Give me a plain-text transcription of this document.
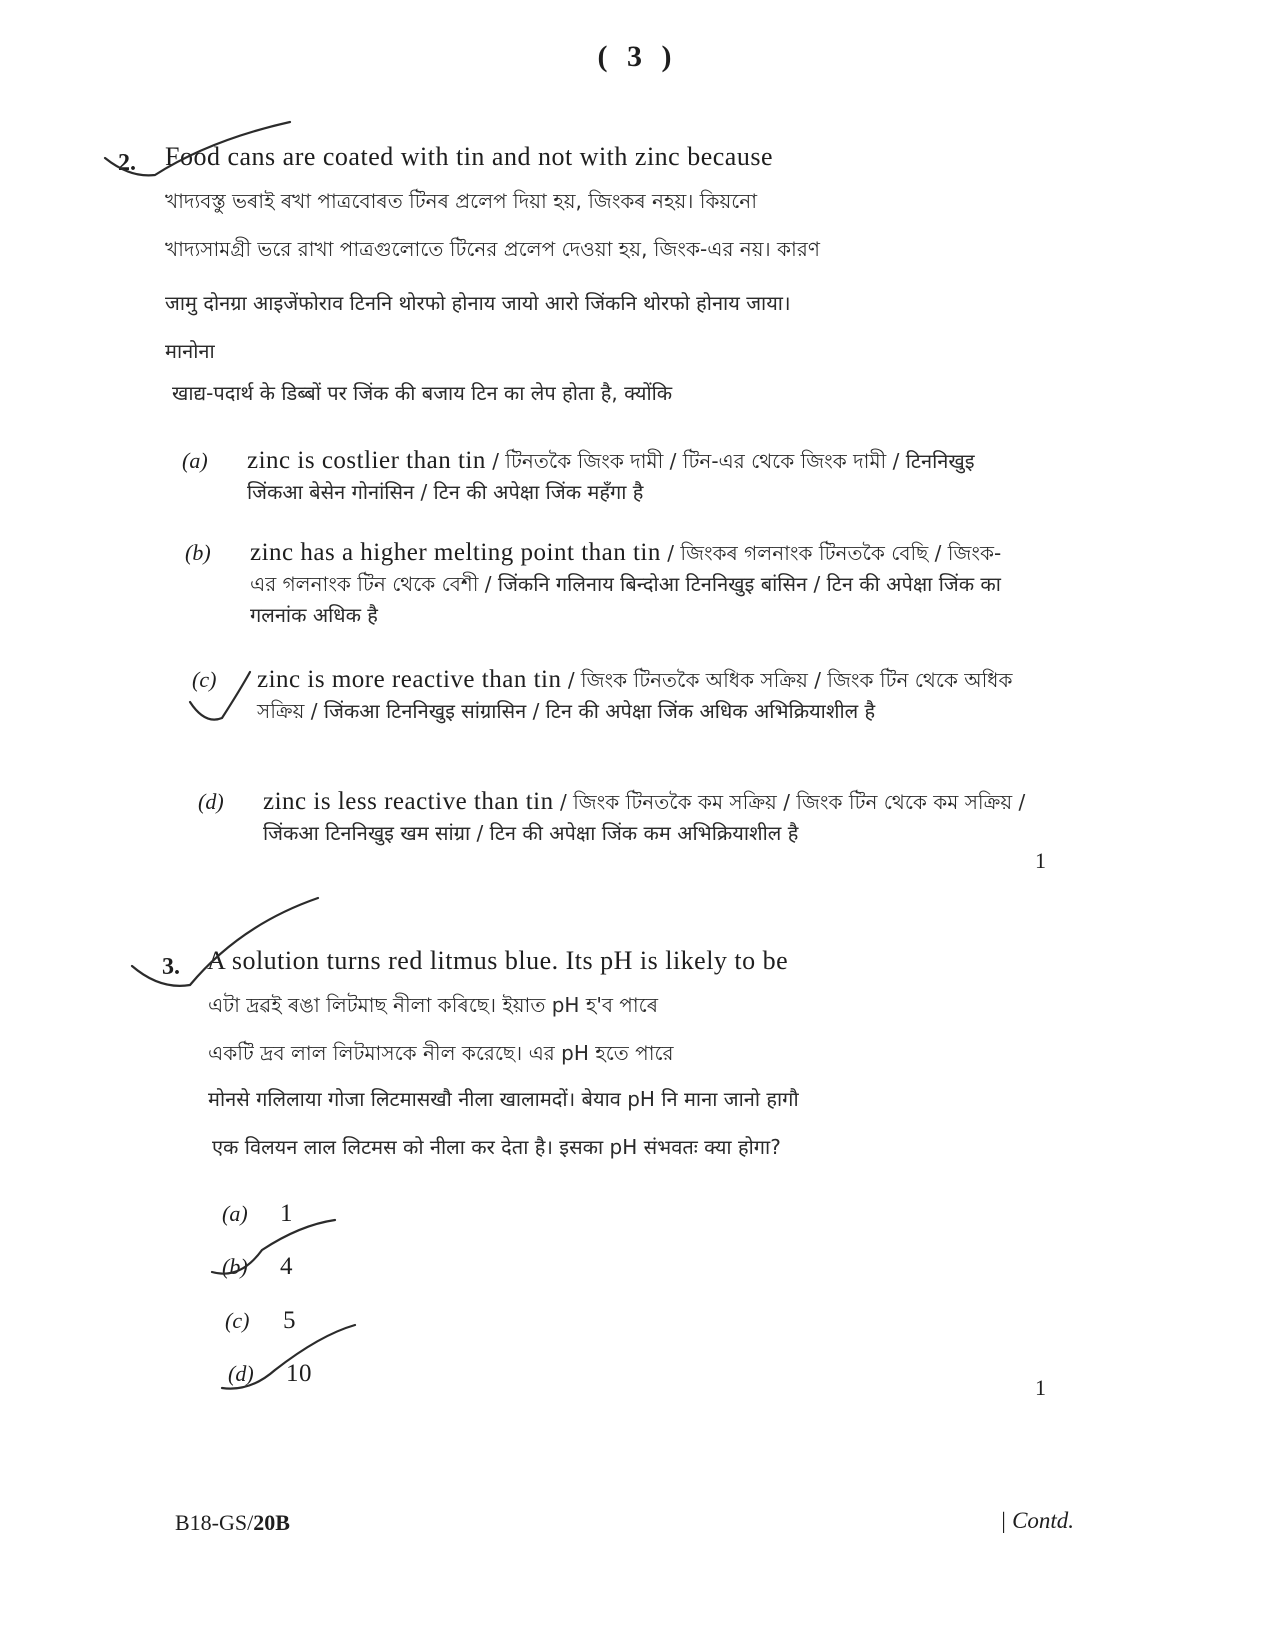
( 3 )
2. Food cans are coated with tin and not with zinc because
খাদ্যবস্তু ভৰাই ৰখা পাত্ৰবোৰত টিনৰ প্ৰলেপ দিয়া হয়, জিংকৰ নহয়। কিয়নো
খাদ্যসামগ্রী ভরে রাখা পাত্রগুলোতে টিনের প্রলেপ দেওয়া হয়, জিংক-এর নয়। কারণ
जामु दोनग्रा आइजेंफोराव टिननि थोरफो होनाय जायो आरो जिंकनि थोरफो होनाय जाया।
मानोना
खाद्य-पदार्थ के डिब्बों पर जिंक की बजाय टिन का लेप होता है, क्योंकि
(a)	zinc is costlier than tin / টিনতকৈ জিংক দামী / টিন-এর থেকে জিংক দামী / टिननिखुइ जिंकआ बेसेन गोनांसिन / टिन की अपेक्षा जिंक महँगा है
(b)	zinc has a higher melting point than tin / জিংকৰ গলনাংক টিনতকৈ বেছি / জিংক-এর গলনাংক টিন থেকে বেশী / जिंकनि गलिनाय बिन्दोआ टिननिखुइ बांसिन / टिन की अपेक्षा जिंक का गलनांक अधिक है
(c)	zinc is more reactive than tin / জিংক টিনতকৈ অধিক সক্রিয় / জিংক টিন থেকে অধিক সক্রিয় / जिंकआ टिननिखुइ सांग्रासिन / टिन की अपेक्षा जिंक अधिक अभिक्रियाशील है
(d)	zinc is less reactive than tin / জিংক টিনতকৈ কম সক্রিয় / জিংক টিন থেকে কম সক্রিয় / जिंकआ टिननिखुइ खम सांग्रा / टिन की अपेक्षा जिंक कम अभिक्रियाशील है
1
3. A solution turns red litmus blue. Its pH is likely to be
এটা দ্ৰৱই ৰঙা লিটমাছ নীলা কৰিছে। ইয়াত pH হ'ব পাৰে
একটি দ্রব লাল লিটমাসকে নীল করেছে। এর pH হতে পারে
मोनसे गलिलाया गोजा लिटमासखौ नीला खालामदों। बेयाव pH नि माना जानो हागौ
एक विलयन लाल लिटमस को नीला कर देता है। इसका pH संभवतः क्या होगा?
(a)	1
(b)	4
(c)	5
(d)	10
1
B18-GS/20B	| Contd.
